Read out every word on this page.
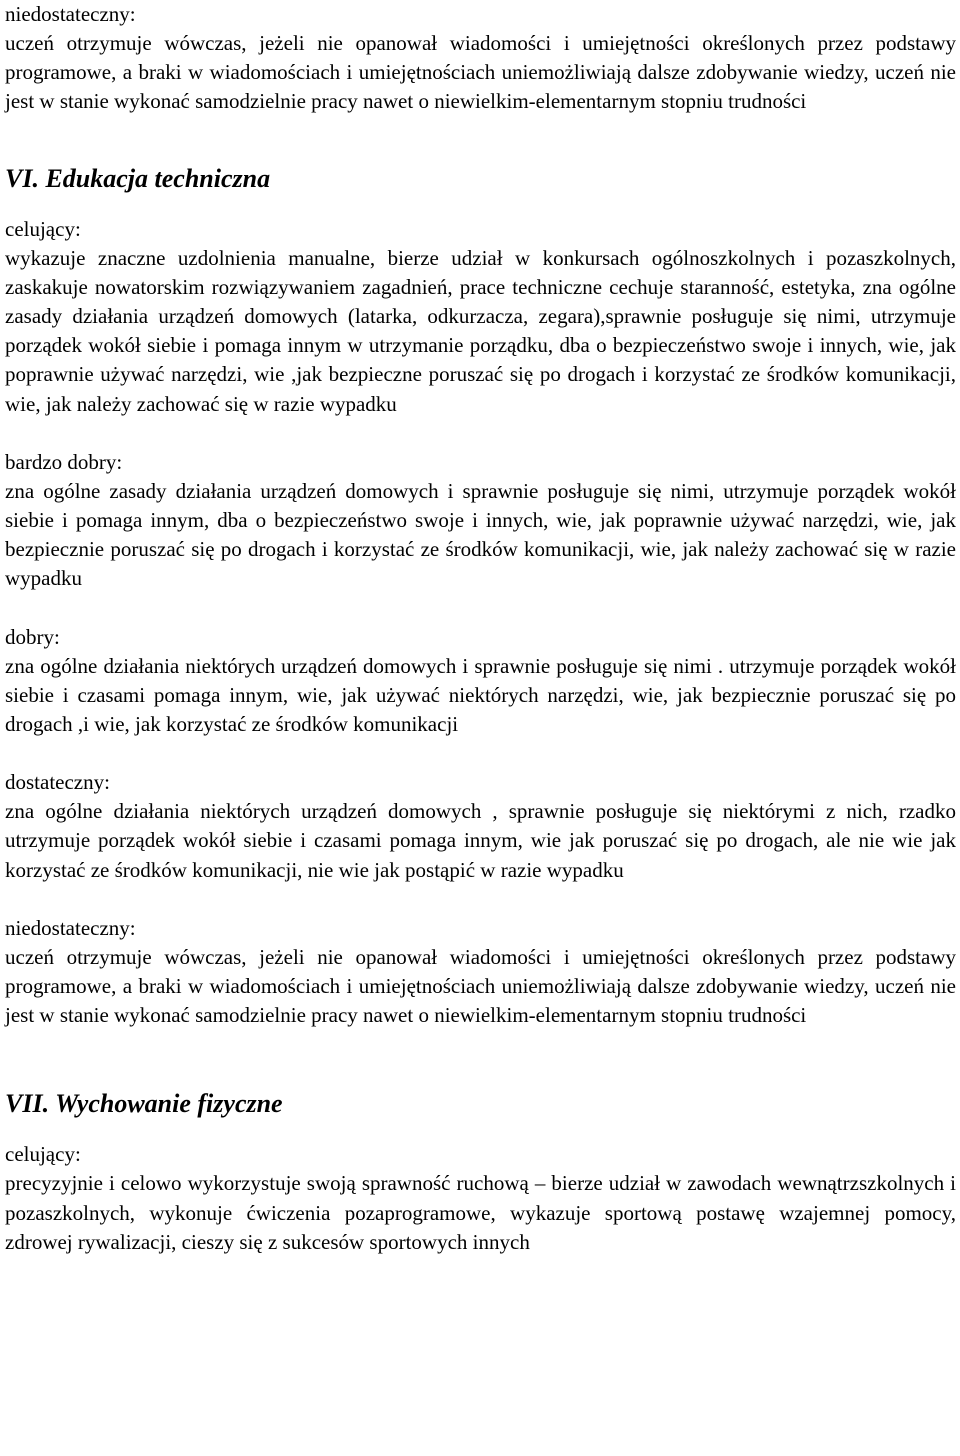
niedostateczny:

uczeń otrzymuje wówczas, jeżeli nie opanował wiadomości i umiejętności określonych przez podstawy programowe, a braki w wiadomościach i umiejętnościach uniemożliwiają dalsze zdobywanie wiedzy, uczeń nie jest w stanie wykonać samodzielnie pracy nawet o niewielkim-elementarnym stopniu trudności

VI. Edukacja techniczna

celujący:

wykazuje znaczne uzdolnienia manualne, bierze udział w konkursach ogólnoszkolnych i pozaszkolnych, zaskakuje nowatorskim rozwiązywaniem zagadnień, prace techniczne cechuje staranność, estetyka, zna ogólne zasady działania urządzeń domowych (latarka, odkurzacza, zegara),sprawnie posługuje się nimi, utrzymuje porządek wokół siebie i pomaga innym w utrzymanie porządku, dba o bezpieczeństwo swoje i innych, wie, jak poprawnie używać narzędzi, wie ,jak bezpieczne poruszać się po drogach i korzystać ze środków komunikacji, wie, jak należy zachować się w razie wypadku

bardzo dobry:

zna ogólne zasady działania urządzeń domowych i sprawnie posługuje się nimi, utrzymuje porządek wokół siebie i pomaga innym, dba o bezpieczeństwo swoje i innych, wie, jak poprawnie używać narzędzi, wie, jak bezpiecznie poruszać się po drogach i korzystać ze środków komunikacji, wie, jak należy zachować się w razie wypadku

dobry:

zna ogólne działania niektórych urządzeń domowych i sprawnie posługuje się nimi . utrzymuje porządek wokół siebie i czasami pomaga innym, wie, jak używać niektórych narzędzi, wie, jak bezpiecznie poruszać się po drogach ,i wie, jak korzystać ze środków komunikacji

dostateczny:

zna ogólne działania niektórych urządzeń domowych , sprawnie posługuje się niektórymi z nich, rzadko utrzymuje porządek wokół siebie i czasami pomaga innym, wie jak poruszać się po drogach, ale nie wie jak korzystać ze środków komunikacji, nie wie jak postąpić w razie wypadku

niedostateczny:

uczeń otrzymuje wówczas, jeżeli nie opanował wiadomości i umiejętności określonych przez podstawy programowe, a braki w wiadomościach i umiejętnościach uniemożliwiają dalsze zdobywanie wiedzy, uczeń nie jest w stanie wykonać samodzielnie pracy nawet o niewielkim-elementarnym stopniu trudności

VII. Wychowanie fizyczne

celujący:

precyzyjnie i celowo wykorzystuje swoją sprawność ruchową – bierze udział w zawodach wewnątrzszkolnych i pozaszkolnych, wykonuje ćwiczenia pozaprogramowe, wykazuje sportową postawę wzajemnej pomocy, zdrowej rywalizacji, cieszy się z sukcesów sportowych innych
